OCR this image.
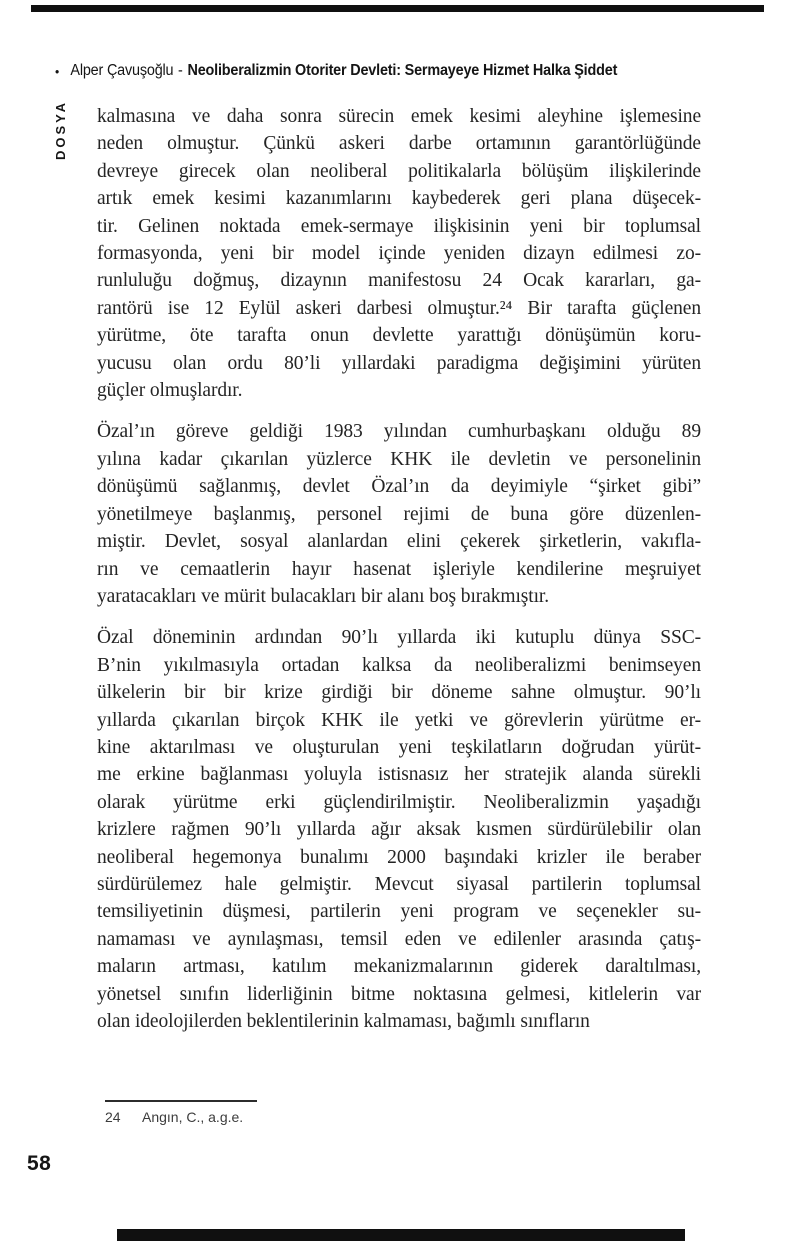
• Alper Çavuşoğlu - Neoliberalizmin Otoriter Devleti: Sermayeye Hizmet Halka Şiddet
DOSYA kalmasına ve daha sonra sürecin emek kesimi aleyhine işlemesine
neden olmuştur. Çünkü askeri darbe ortamının garantörlüğünde
devreye girecek olan neoliberal politikalarla bölüşüm ilişkilerinde
artık emek kesimi kazanımlarını kaybederek geri plana düşecek-
tir. Gelinen noktada emek-sermaye ilişkisinin yeni bir toplumsal
formasyonda, yeni bir model içinde yeniden dizayn edilmesi zo-
runluluğu doğmuş, dizaynın manifestosu 24 Ocak kararları, ga-
rantörü ise 12 Eylül askeri darbesi olmuştur.²⁴ Bir tarafta güçlenen
yürütme, öte tarafta onun devlette yarattığı dönüşümün koru-
yucusu olan ordu 80’li yıllardaki paradigma değişimini yürüten
güçler olmuşlardır.
Özal’ın göreve geldiği 1983 yılından cumhurbaşkanı olduğu 89
yılına kadar çıkarılan yüzlerce KHK ile devletin ve personelinin
dönüşümü sağlanmış, devlet Özal’ın da deyimiyle “şirket gibi”
yönetilmeye başlanmış, personel rejimi de buna göre düzenlen-
miştir. Devlet, sosyal alanlardan elini çekerek şirketlerin, vakıfla-
rın ve cemaatlerin hayır hasenat işleriyle kendilerine meşruiyet
yaratacakları ve mürit bulacakları bir alanı boş bırakmıştır.
Özal döneminin ardından 90’lı yıllarda iki kutuplu dünya SSC-
B’nin yıkılmasıyla ortadan kalksa da neoliberalizmi benimseyen
ülkelerin bir bir krize girdiği bir döneme sahne olmuştur. 90’lı
yıllarda çıkarılan birçok KHK ile yetki ve görevlerin yürütme er-
kine aktarılması ve oluşturulan yeni teşkilatların doğrudan yürüt-
me erkine bağlanması yoluyla istisnasız her stratejik alanda sürekli
olarak yürütme erki güçlendirilmiştir. Neoliberalizmin yaşadığı
krizlere rağmen 90’lı yıllarda ağır aksak kısmen sürdürülebilir olan
neoliberal hegemonya bunalımı 2000 başındaki krizler ile beraber
sürdürülemez hale gelmiştir. Mevcut siyasal partilerin toplumsal
temsiliyetinin düşmesi, partilerin yeni program ve seçenekler su-
namaması ve aynılaşması, temsil eden ve edilenler arasında çatış-
maların artması, katılım mekanizmalarının giderek daraltılması,
yönetsel sınıfın liderliğinin bitme noktasına gelmesi, kitlelerin var
olan ideolojilerden beklentilerinin kalmaması, bağımlı sınıfların
24 Angın, C., a.g.e.
58
